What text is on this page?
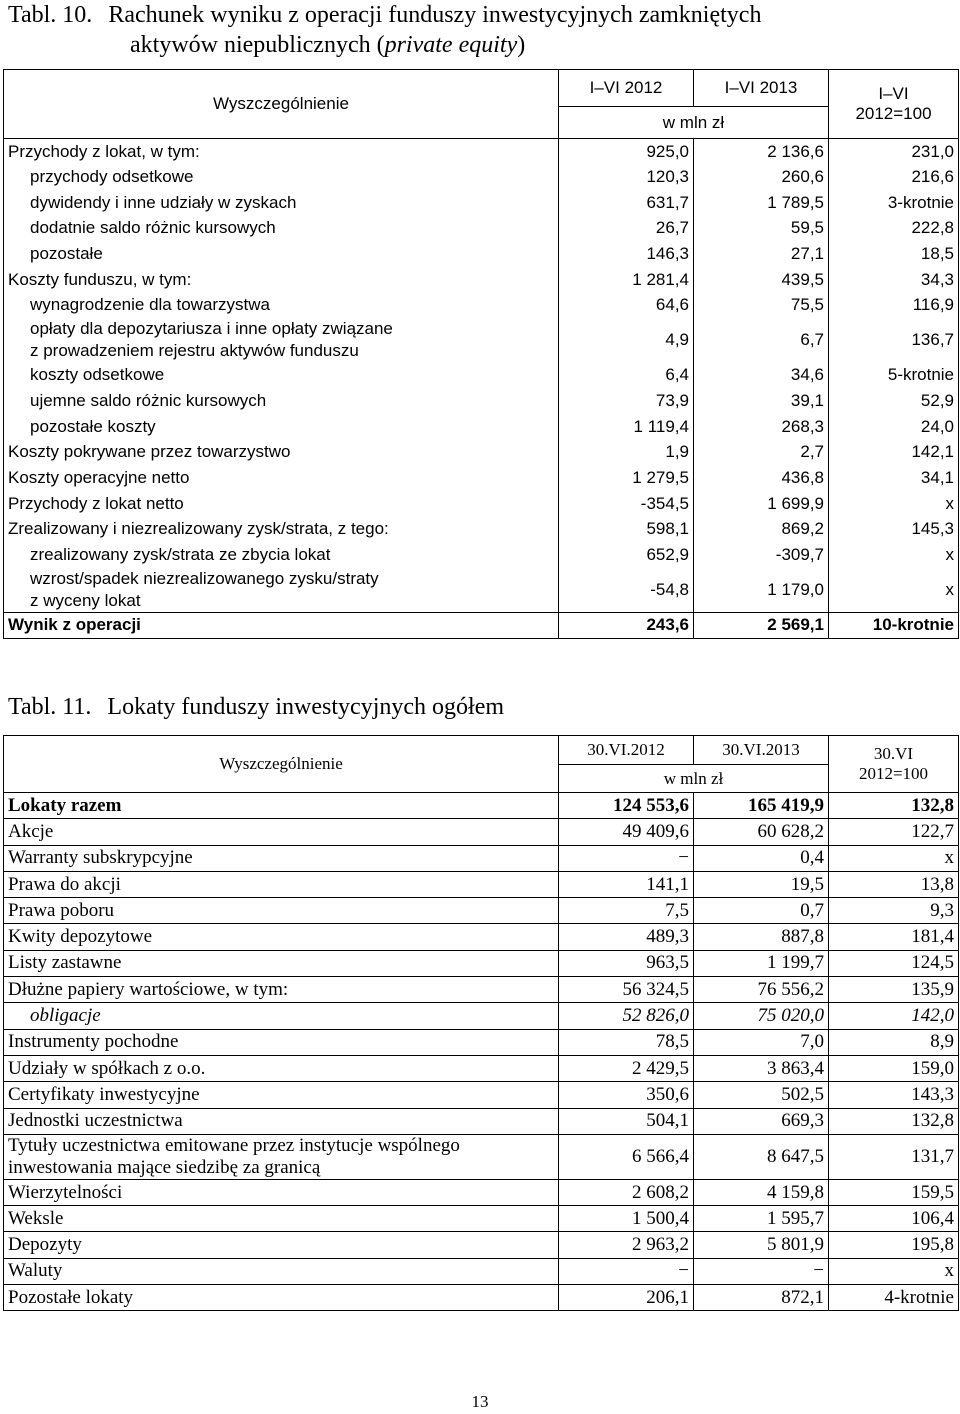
Tabl. 10. Rachunek wyniku z operacji funduszy inwestycyjnych zamkniętych
aktywów niepublicznych (private equity)
Wyszczególnienie	I–VI 2012	I–VI 2013	I–VI
2012=100

	w mln zł		

Przychody z lokat, w tym:	925,0	2 136,6	231,0

przychody odsetkowe	120,3	260,6	216,6

dywidendy i inne udziały w zyskach	631,7	1 789,5	3-krotnie

dodatnie saldo różnic kursowych	26,7	59,5	222,8

pozostałe	146,3	27,1	18,5

Koszty funduszu, w tym:	1 281,4	439,5	34,3

wynagrodzenie dla towarzystwa	64,6	75,5	116,9

opłaty dla depozytariusza i inne opłaty związane
z prowadzeniem rejestru aktywów funduszu	4,9	6,7	136,7

koszty odsetkowe	6,4	34,6	5-krotnie

ujemne saldo różnic kursowych	73,9	39,1	52,9

pozostałe koszty	1 119,4	268,3	24,0

Koszty pokrywane przez towarzystwo	1,9	2,7	142,1

Koszty operacyjne netto	1 279,5	436,8	34,1

Przychody z lokat netto	-354,5	1 699,9	x

Zrealizowany i niezrealizowany zysk/strata, z tego:	598,1	869,2	145,3

zrealizowany zysk/strata ze zbycia lokat	652,9	-309,7	x

wzrost/spadek niezrealizowanego zysku/straty
z wyceny lokat	-54,8	1 179,0	x

Wynik z operacji	243,6	2 569,1	10-krotnie
Tabl. 11. Lokaty funduszy inwestycyjnych ogółem
Wyszczególnienie	30.VI.2012	30.VI.2013	30.VI
2012=100

	w mln zł		

Lokaty razem	124 553,6	165 419,9	132,8

Akcje	49 409,6	60 628,2	122,7

Warranty subskrypcyjne	−	0,4	x

Prawa do akcji	141,1	19,5	13,8

Prawa poboru	7,5	0,7	9,3

Kwity depozytowe	489,3	887,8	181,4

Listy zastawne	963,5	1 199,7	124,5

Dłużne papiery wartościowe, w tym:	56 324,5	76 556,2	135,9

obligacje	52 826,0	75 020,0	142,0

Instrumenty pochodne	78,5	7,0	8,9

Udziały w spółkach z o.o.	2 429,5	3 863,4	159,0

Certyfikaty inwestycyjne	350,6	502,5	143,3

Jednostki uczestnictwa	504,1	669,3	132,8

Tytuły uczestnictwa emitowane przez instytucje wspólnego
inwestowania mające siedzibę za granicą	6 566,4	8 647,5	131,7

Wierzytelności	2 608,2	4 159,8	159,5

Weksle	1 500,4	1 595,7	106,4

Depozyty	2 963,2	5 801,9	195,8

Waluty	−	−	x

Pozostałe lokaty	206,1	872,1	4-krotnie
13
